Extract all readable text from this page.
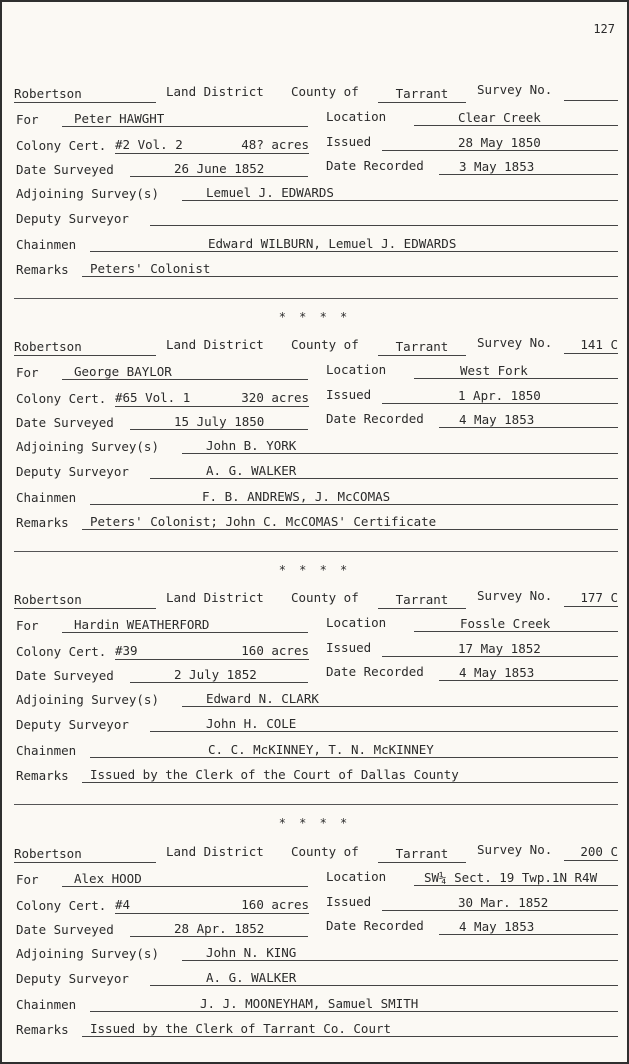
127
Robertson	Land District County of	Tarrant	Survey No.
For	Peter HAWGHT	Location	Clear Creek
Colony Cert. #2 Vol. 2	48? acres Issued	28 May 1850
Date Surveyed	26 June 1852	Date Recorded	3 May 1853
Adjoining Survey(s)	Lemuel J. EDWARDS
Deputy Surveyor
Chainmen	Edward WILBURN, Lemuel J. EDWARDS
Remarks	Peters' Colonist
* * * *
Robertson	Land District County of	Tarrant	Survey No.	141 C
For	George BAYLOR	Location	West Fork
Colony Cert. #65 Vol. 1	320 acres Issued	1 Apr. 1850
Date Surveyed	15 July 1850	Date Recorded	4 May 1853
Adjoining Survey(s)	John B. YORK
Deputy Surveyor	A. G. WALKER
Chainmen	F. B. ANDREWS, J. McCOMAS
Remarks	Peters' Colonist; John C. McCOMAS' Certificate
* * * *
Robertson	Land District County of	Tarrant	Survey No.	177 C
For	Hardin WEATHERFORD	Location	Fossle Creek
Colony Cert. #39	160 acres Issued	17 May 1852
Date Surveyed	2 July 1852	Date Recorded	4 May 1853
Adjoining Survey(s)	Edward N. CLARK
Deputy Surveyor	John H. COLE
Chainmen	C. C. McKINNEY, T. N. McKINNEY
Remarks	Issued by the Clerk of the Court of Dallas County
* * * *
Robertson	Land District County of	Tarrant	Survey No.	200 C
For	Alex HOOD	Location	SW¼ Sect. 19 Twp.1N R4W
Colony Cert. #4	160 acres Issued	30 Mar. 1852
Date Surveyed	28 Apr. 1852	Date Recorded	4 May 1853
Adjoining Survey(s)	John N. KING
Deputy Surveyor	A. G. WALKER
Chainmen	J. J. MOONEYHAM, Samuel SMITH
Remarks	Issued by the Clerk of Tarrant Co. Court
